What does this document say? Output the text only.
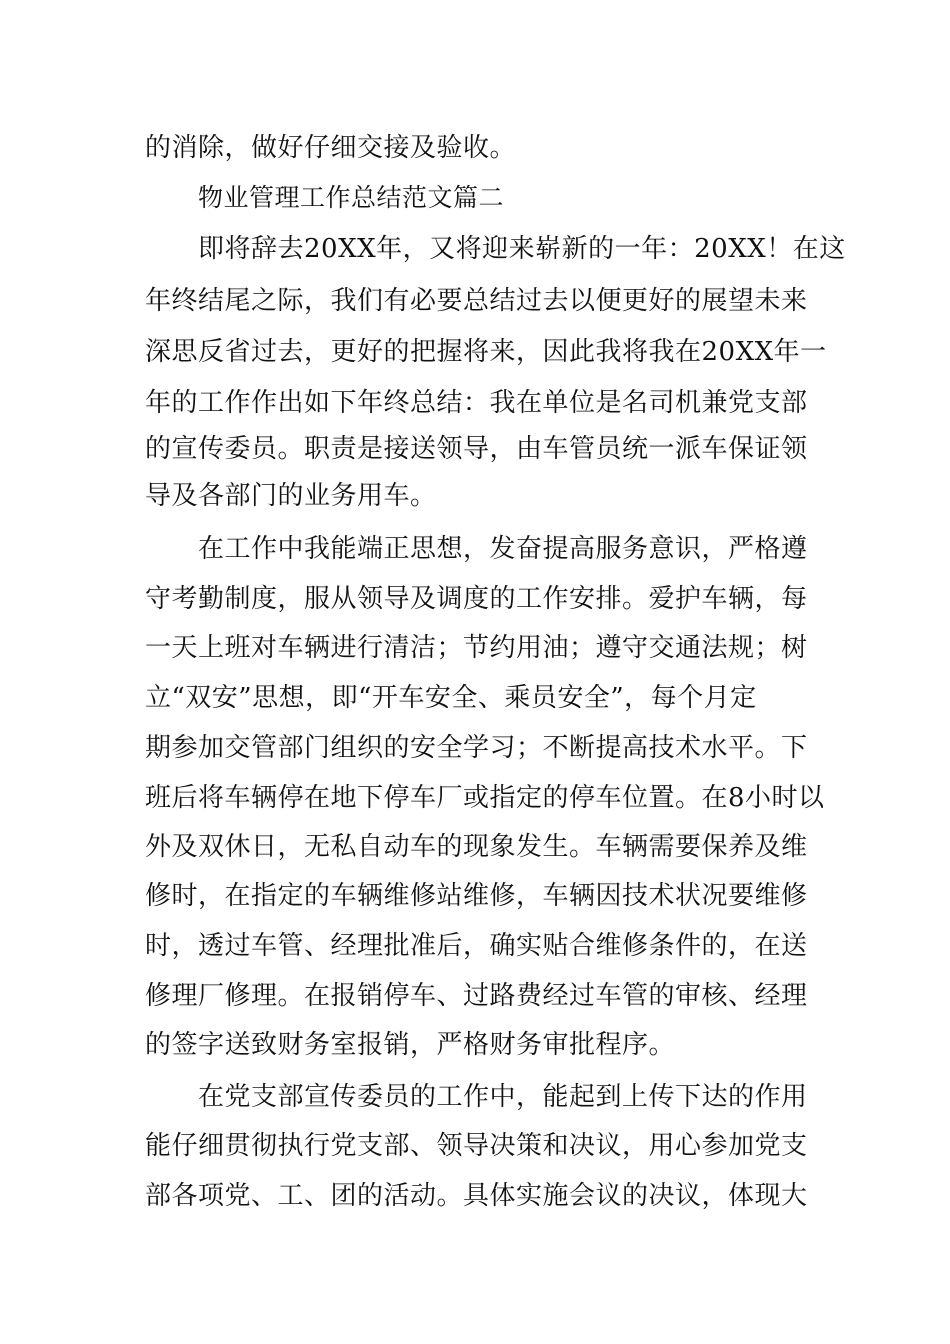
的消除，做好仔细交接及验收。
物业管理工作总结范文篇二
即将辞去20XX年，又将迎来崭新的一年：20XX！在这
年终结尾之际，我们有必要总结过去以便更好的展望未来
深思反省过去，更好的把握将来，因此我将我在20XX年一
年的工作作出如下年终总结：我在单位是名司机兼党支部
的宣传委员。职责是接送领导，由车管员统一派车保证领
导及各部门的业务用车。
在工作中我能端正思想，发奋提高服务意识，严格遵
守考勤制度，服从领导及调度的工作安排。爱护车辆，每
一天上班对车辆进行清洁；节约用油；遵守交通法规；树
立“双安”思想，即“开车安全、乘员安全”，每个月定
期参加交管部门组织的安全学习；不断提高技术水平。下
班后将车辆停在地下停车厂或指定的停车位置。在8小时以
外及双休日，无私自动车的现象发生。车辆需要保养及维
修时，在指定的车辆维修站维修，车辆因技术状况要维修
时，透过车管、经理批准后，确实贴合维修条件的，在送
修理厂修理。在报销停车、过路费经过车管的审核、经理
的签字送致财务室报销，严格财务审批程序。
在党支部宣传委员的工作中，能起到上传下达的作用
能仔细贯彻执行党支部、领导决策和决议，用心参加党支
部各项党、工、团的活动。具体实施会议的决议，体现大
